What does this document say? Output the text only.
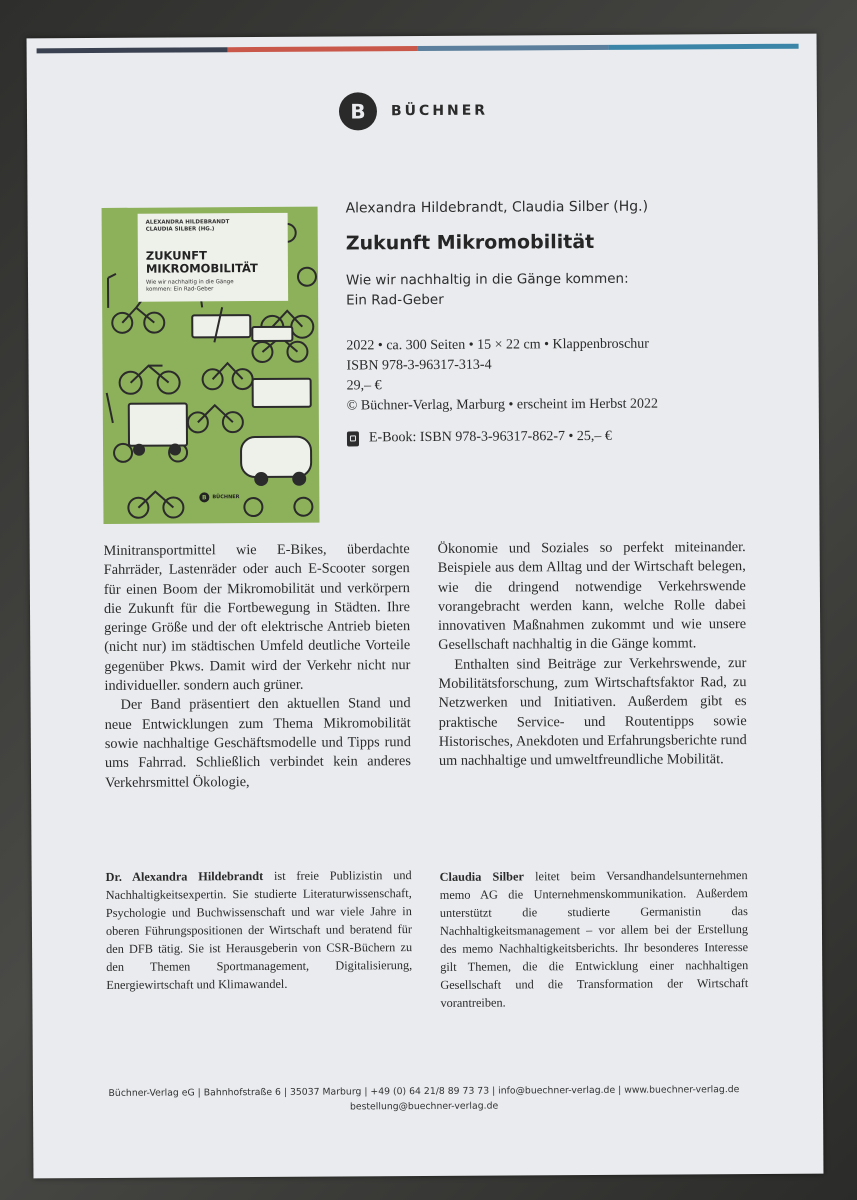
B	BÜCHNER
ALEXANDRA HILDEBRANDT
CLAUDIA SILBER (HG.)
ZUKUNFT
MIKROMOBILITÄT
Wie wir nachhaltig in die Gänge
kommen: Ein Rad-Geber
B	BÜCHNER
Alexandra Hildebrandt, Claudia Silber (Hg.)
Zukunft Mikromobilität
Wie wir nachhaltig in die Gänge kommen:
Ein Rad-Geber
2022 • ca. 300 Seiten • 15 × 22 cm • Klappenbroschur
ISBN 978-3-96317-313-4
29,– €
© Büchner-Verlag, Marburg • erscheint im Herbst 2022
E-Book: ISBN 978-3-96317-862-7 • 25,– €

Minitransportmittel wie E-Bikes, überdachte Fahrräder, Lastenräder oder auch E-Scooter sorgen für einen Boom der Mikromobilität und verkörpern die Zukunft für die Fortbewegung in Städten. Ihre geringe Größe und der oft elektrische Antrieb bieten (nicht nur) im städtischen Umfeld deutliche Vorteile gegenüber Pkws. Damit wird der Verkehr nicht nur individueller. sondern auch grüner.

Der Band präsentiert den aktuellen Stand und neue Entwicklungen zum Thema Mikromobilität sowie nachhaltige Geschäftsmodelle und Tipps rund ums Fahrrad. Schließlich verbindet kein anderes Verkehrsmittel Ökologie,

Ökonomie und Soziales so perfekt miteinander. Beispiele aus dem Alltag und der Wirtschaft belegen, wie die dringend notwendige Verkehrswende vorangebracht werden kann, welche Rolle dabei innovativen Maßnahmen zukommt und wie unsere Gesellschaft nachhaltig in die Gänge kommt.

Enthalten sind Beiträge zur Verkehrswende, zur Mobilitätsforschung, zum Wirtschaftsfaktor Rad, zu Netzwerken und Initiativen. Außerdem gibt es praktische Service- und Routentipps sowie Historisches, Anekdoten und Erfahrungsberichte rund um nachhaltige und umweltfreundliche Mobilität.

Dr. Alexandra Hildebrandt ist freie Publizistin und Nachhaltigkeitsexpertin. Sie studierte Literaturwissenschaft, Psychologie und Buchwissenschaft und war viele Jahre in oberen Führungspositionen der Wirtschaft und beratend für den DFB tätig. Sie ist Herausgeberin von CSR-Büchern zu den Themen Sportmanagement, Digitalisierung, Energiewirtschaft und Klimawandel.
Claudia Silber leitet beim Versandhandelsunternehmen memo AG die Unternehmenskommunikation. Außerdem unterstützt die studierte Germanistin das Nachhaltigkeitsmanagement – vor allem bei der Erstellung des memo Nachhaltigkeitsberichts. Ihr besonderes Interesse gilt Themen, die die Entwicklung einer nachhaltigen Gesellschaft und die Transformation der Wirtschaft vorantreiben.
Büchner-Verlag eG | Bahnhofstraße 6 | 35037 Marburg | +49 (0) 64 21/8 89 73 73 | info@buechner-verlag.de | www.buechner-verlag.de
bestellung@buechner-verlag.de
